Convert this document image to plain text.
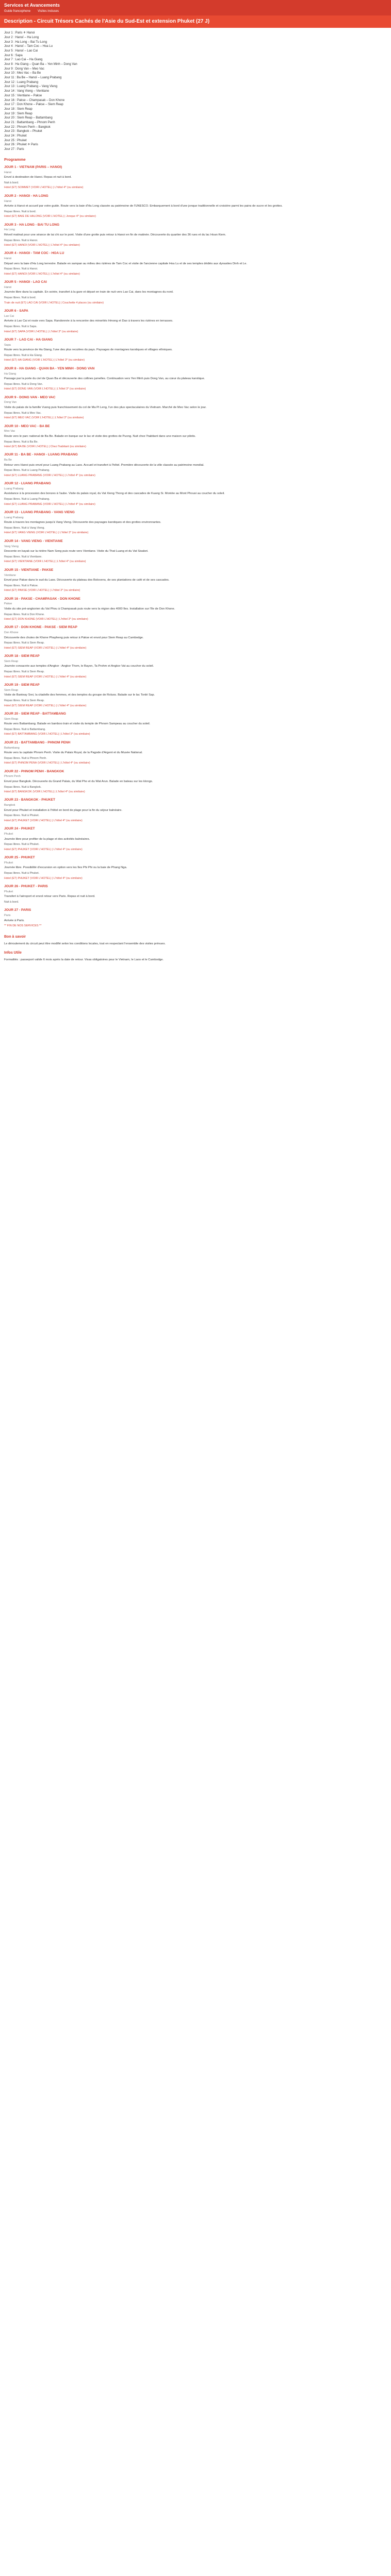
Services et Avancements
Guide francophone Visites incluses
Description - Circuit Trésors Cachés de l'Asie du Sud-Est et extension Phuket (27 J)

Jour 1 : Paris ✈ Hanoi

Jour 2 : Hanoï – Ha Long

Jour 3 : Ha Long – Bai Tu Long

Jour 4 : Hanoï – Tam Coc – Hoa Lu

Jour 5 : Hanoï – Lao Cai

Jour 6 : Sapa

Jour 7 : Lao Cai – Ha Giang

Jour 8 : Ha Giang – Quan Ba – Yen Minh – Dong Van

Jour 9 : Dong Van – Meo Vac

Jour 10 : Meo Vac – Ba Be

Jour 11 : Ba Be – Hanoï – Luang Prabang

Jour 12 : Luang Prabang

Jour 13 : Luang Prabang – Vang Vieng

Jour 14 : Vang Vieng – Vientiane

Jour 15 : Vientiane – Pakse

Jour 16 : Pakse – Champasak – Don Khone

Jour 17 : Don Khone – Pakse – Siem Reap

Jour 18 : Siem Reap

Jour 19 : Siem Reap

Jour 20 : Siem Reap – Battambang

Jour 21 : Battambang – Phnom Penh

Jour 22 : Phnom Penh – Bangkok

Jour 23 : Bangkok – Phuket

Jour 24 : Phuket

Jour 25 : Phuket

Jour 26 : Phuket ✈ Paris

Jour 27 : Paris

Programme
JOUR 1 - VIETNAM (PARIS – HANOI)
Hanoi
Envol à destination de Hanoi. Repas et nuit à bord.
Nuit à bord.
Hotel (ET) SOMMET (VOIR L'HOTEL) | L'hôtel 4* (ou similaire)
JOUR 2 - HANOI - HA LONG
Hanoi
Arrivée à Hanoi et accueil par votre guide. Route vers la baie d'Ha Long classée au patrimoine de l'UNESCO. Embarquement à bord d'une jonque traditionnelle et croisière parmi les pains de sucre et les grottes.
Repas libres. Nuit à bord.
Hotel (ET) BAIE DE HALONG (VOIR L'HOTEL) | Jonque 4* (ou similaire)
JOUR 3 - HA LONG - BAI TU LONG
Ha Long
Réveil matinal pour une séance de tai chi sur le pont. Visite d'une grotte puis retour à Hanoi en fin de matinée. Découverte du quartier des 36 rues et du lac Hoan Kiem.
Repas libres. Nuit à Hanoi.
Hotel (ET) HANOI (VOIR L'HOTEL) | L'hôtel 4* (ou similaire)
JOUR 4 - HANOI - TAM COC - HOA LU
Hanoi
Départ vers la baie d'Ha Long terrestre. Balade en sampan au milieu des rizières de Tam Coc et visite de l'ancienne capitale Hoa Lu et de ses temples dédiés aux dynasties Dinh et Le.
Repas libres. Nuit à Hanoi.
Hotel (ET) HANOI (VOIR L'HOTEL) | L'hôtel 4* (ou similaire)
JOUR 5 - HANOI - LAO CAI
Hanoi
Journée libre dans la capitale. En soirée, transfert à la gare et départ en train de nuit vers Lao Cai, dans les montagnes du nord.
Repas libres. Nuit à bord.
Train de nuit (ET) LAO CAI (VOIR L'HOTEL) | Couchette 4 places (ou similaire)
JOUR 6 - SAPA
Lao Cai
Arrivée à Lao Cai et route vers Sapa. Randonnée à la rencontre des minorités Hmong et Dao à travers les rizières en terrasses.
Repas libres. Nuit à Sapa.
Hotel (ET) SAPA (VOIR L'HOTEL) | L'hôtel 3* (ou similaire)
JOUR 7 - LAO CAI - HA GIANG
Sapa
Route vers la province de Ha Giang, l'une des plus reculées du pays. Paysages de montagnes karstiques et villages ethniques.
Repas libres. Nuit à Ha Giang.
Hotel (ET) HA GIANG (VOIR L'HOTEL) | L'hôtel 3* (ou similaire)
JOUR 8 - HA GIANG - QUAN BA - YEN MINH - DONG VAN
Ha Giang
Passage par la porte du ciel de Quan Ba et découverte des collines jumelles. Continuation vers Yen Minh puis Dong Van, au cœur du plateau karstique.
Repas libres. Nuit à Dong Van.
Hotel (ET) DONG VAN (VOIR L'HOTEL) | L'hôtel 3* (ou similaire)
JOUR 9 - DONG VAN - MEO VAC
Dong Van
Visite du palais de la famille Vuong puis franchissement du col de Ma Pi Leng, l'un des plus spectaculaires du Vietnam. Marché de Meo Vac selon le jour.
Repas libres. Nuit à Meo Vac.
Hotel (ET) MEO VAC (VOIR L'HOTEL) | L'hôtel 3* (ou similaire)
JOUR 10 - MEO VAC - BA BE
Meo Vac
Route vers le parc national de Ba Be. Balade en barque sur le lac et visite des grottes de Puong. Nuit chez l'habitant dans une maison sur pilotis.
Repas libres. Nuit à Ba Be.
Hotel (ET) BA BE (VOIR L'HOTEL) | Chez l'habitant (ou similaire)
JOUR 11 - BA BE - HANOI - LUANG PRABANG
Ba Be
Retour vers Hanoi puis envol pour Luang Prabang au Laos. Accueil et transfert à l'hôtel. Première découverte de la ville classée au patrimoine mondial.
Repas libres. Nuit à Luang Prabang.
Hotel (ET) LUANG PRABANG (VOIR L'HOTEL) | L'hôtel 4* (ou similaire)
JOUR 12 - LUANG PRABANG
Luang Prabang
Assistance à la procession des bonzes à l'aube. Visite du palais royal, du Vat Xieng Thong et des cascades de Kuang Si. Montée au Mont Phousi au coucher du soleil.
Repas libres. Nuit à Luang Prabang.
Hotel (ET) LUANG PRABANG (VOIR L'HOTEL) | L'hôtel 4* (ou similaire)
JOUR 13 - LUANG PRABANG - VANG VIENG
Luang Prabang
Route à travers les montagnes jusqu'à Vang Vieng. Découverte des paysages karstiques et des grottes environnantes.
Repas libres. Nuit à Vang Vieng.
Hotel (ET) VANG VIENG (VOIR L'HOTEL) | L'hôtel 3* (ou similaire)
JOUR 14 - VANG VIENG - VIENTIANE
Vang Vieng
Descente en kayak sur la rivière Nam Song puis route vers Vientiane. Visite du That Luang et du Vat Sisaket.
Repas libres. Nuit à Vientiane.
Hotel (ET) VIENTIANE (VOIR L'HOTEL) | L'hôtel 4* (ou similaire)
JOUR 15 - VIENTIANE - PAKSE
Vientiane
Envol pour Pakse dans le sud du Laos. Découverte du plateau des Bolovens, de ses plantations de café et de ses cascades.
Repas libres. Nuit à Pakse.
Hotel (ET) PAKSE (VOIR L'HOTEL) | L'hôtel 3* (ou similaire)
JOUR 16 - PAKSE - CHAMPASAK - DON KHONE
Pakse
Visite du site pré-angkorien du Vat Phou à Champasak puis route vers la région des 4000 îles. Installation sur l'île de Don Khone.
Repas libres. Nuit à Don Khone.
Hotel (ET) DON KHONE (VOIR L'HOTEL) | L'hôtel 3* (ou similaire)
JOUR 17 - DON KHONE - PAKSE - SIEM REAP
Don Khone
Découverte des chutes de Khone Phapheng puis retour à Pakse et envol pour Siem Reap au Cambodge.
Repas libres. Nuit à Siem Reap.
Hotel (ET) SIEM REAP (VOIR L'HOTEL) | L'hôtel 4* (ou similaire)
JOUR 18 - SIEM REAP
Siem Reap
Journée consacrée aux temples d'Angkor : Angkor Thom, le Bayon, Ta Prohm et Angkor Vat au coucher du soleil.
Repas libres. Nuit à Siem Reap.
Hotel (ET) SIEM REAP (VOIR L'HOTEL) | L'hôtel 4* (ou similaire)
JOUR 19 - SIEM REAP
Siem Reap
Visite de Banteay Srei, la citadelle des femmes, et des temples du groupe de Roluos. Balade sur le lac Tonlé Sap.
Repas libres. Nuit à Siem Reap.
Hotel (ET) SIEM REAP (VOIR L'HOTEL) | L'hôtel 4* (ou similaire)
JOUR 20 - SIEM REAP - BATTAMBANG
Siem Reap
Route vers Battambang. Balade en bamboo train et visite du temple de Phnom Sampeau au coucher du soleil.
Repas libres. Nuit à Battambang.
Hotel (ET) BATTAMBANG (VOIR L'HOTEL) | L'hôtel 3* (ou similaire)
JOUR 21 - BATTAMBANG - PHNOM PENH
Battambang
Route vers la capitale Phnom Penh. Visite du Palais Royal, de la Pagode d'Argent et du Musée National.
Repas libres. Nuit à Phnom Penh.
Hotel (ET) PHNOM PENH (VOIR L'HOTEL) | L'hôtel 4* (ou similaire)
JOUR 22 - PHNOM PENH - BANGKOK
Phnom Penh
Envol pour Bangkok. Découverte du Grand Palais, du Wat Pho et du Wat Arun. Balade en bateau sur les klongs.
Repas libres. Nuit à Bangkok.
Hotel (ET) BANGKOK (VOIR L'HOTEL) | L'hôtel 4* (ou similaire)
JOUR 23 - BANGKOK - PHUKET
Bangkok
Envol pour Phuket et installation à l'hôtel en bord de plage pour la fin du séjour balnéaire.
Repas libres. Nuit à Phuket.
Hotel (ET) PHUKET (VOIR L'HOTEL) | L'hôtel 4* (ou similaire)
JOUR 24 - PHUKET
Phuket
Journée libre pour profiter de la plage et des activités balnéaires.
Repas libres. Nuit à Phuket.
Hotel (ET) PHUKET (VOIR L'HOTEL) | L'hôtel 4* (ou similaire)
JOUR 25 - PHUKET
Phuket
Journée libre. Possibilité d'excursion en option vers les îles Phi Phi ou la baie de Phang Nga.
Repas libres. Nuit à Phuket.
Hotel (ET) PHUKET (VOIR L'HOTEL) | L'hôtel 4* (ou similaire)
JOUR 26 - PHUKET - PARIS
Phuket
Transfert à l'aéroport et envol retour vers Paris. Repas et nuit à bord.
Nuit à bord.
JOUR 27 - PARIS
Paris
Arrivée à Paris.
** FIN DE NOS SERVICES **
Bon à savoir

Le déroulement du circuit peut être modifié selon les conditions locales, tout en respectant l'ensemble des visites prévues.

Infos Utile

Formalités : passeport valide 6 mois après la date de retour. Visas obligatoires pour le Vietnam, le Laos et le Cambodge.
